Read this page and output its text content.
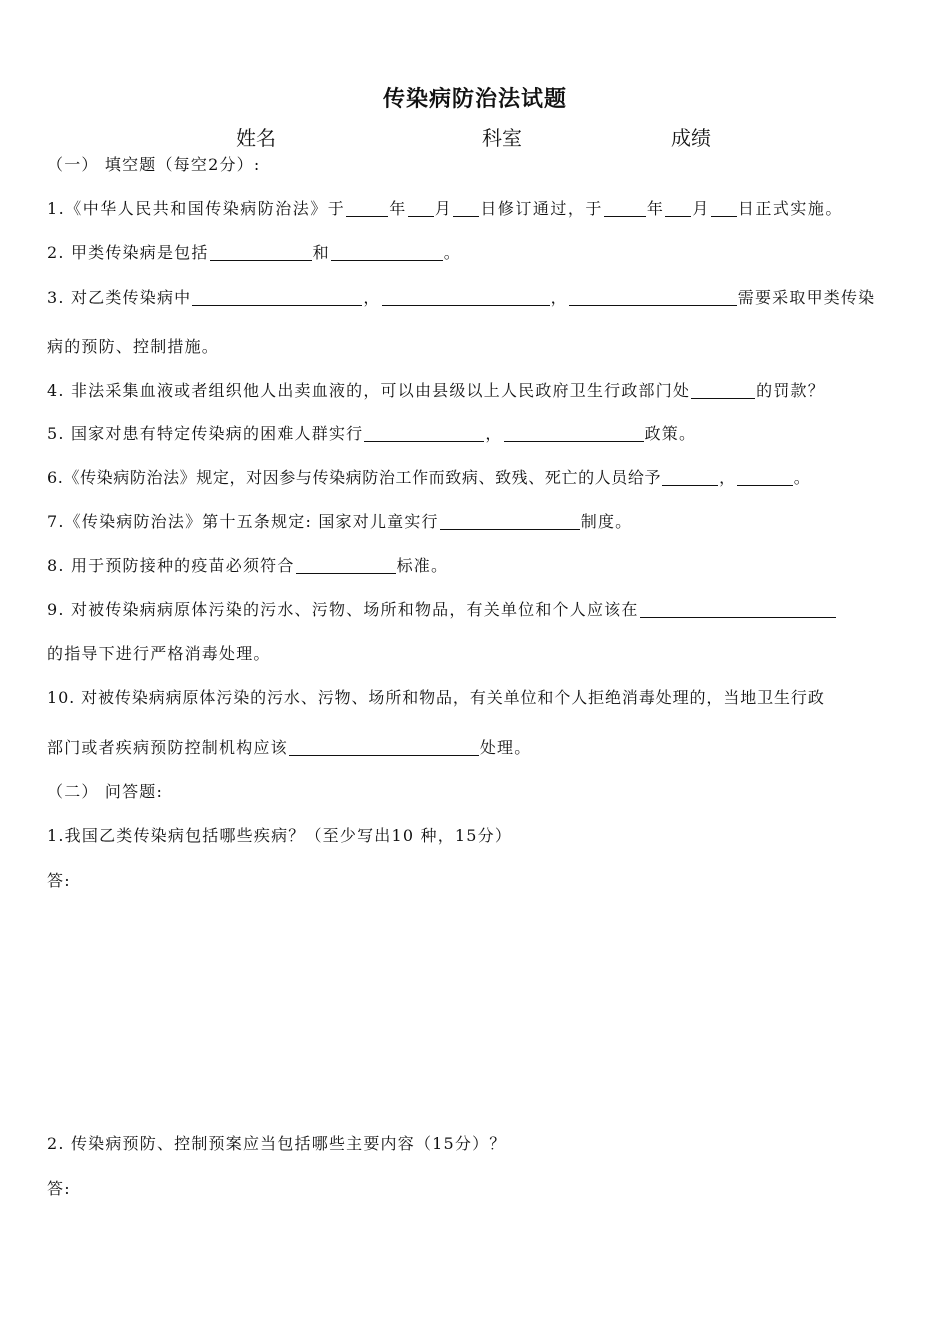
传染病防治法试题
姓名	科室	成绩
（一） 填空题（每空2分）:
1.《中华人民共和国传染病防治法》于	年 月 日修订通过，于	年 月 日正式实施。
2. 甲类传染病是包括	和	。
3. 对乙类传染病中	，	，	需要采取甲类传染
病的预防、控制措施。
4. 非法采集血液或者组织他人出卖血液的，可以由县级以上人民政府卫生行政部门处	的罚款？
5. 国家对患有特定传染病的困难人群实行	，	政策。
6.《传染病防治法》规定，对因参与传染病防治工作而致病、致残、死亡的人员给予	，	。
7.《传染病防治法》第十五条规定: 国家对儿童实行	制度。
8. 用于预防接种的疫苗必须符合	标准。
9. 对被传染病病原体污染的污水、污物、场所和物品，有关单位和个人应该在
的指导下进行严格消毒处理。
10. 对被传染病病原体污染的污水、污物、场所和物品，有关单位和个人拒绝消毒处理的，当地卫生行政
部门或者疾病预防控制机构应该	处理。
（二） 问答题:
1.我国乙类传染病包括哪些疾病？（至少写出10 种，15分）
答:
2. 传染病预防、控制预案应当包括哪些主要内容（15分）？
答:
